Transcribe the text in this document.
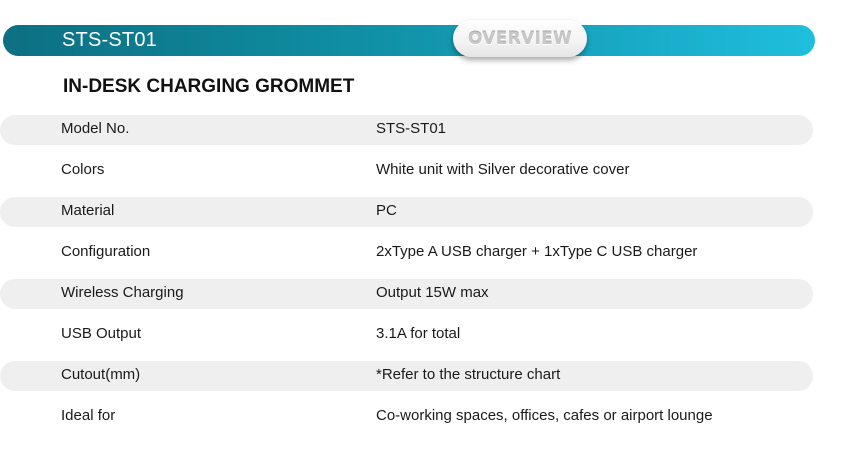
STS-ST01	OVERVIEW
IN-DESK CHARGING GROMMET
Model No.	STS-ST01
Colors	White unit with Silver decorative cover
Material	PC
Configuration	2xType A USB charger + 1xType C USB charger
Wireless Charging	Output 15W max
USB Output	3.1A for total
Cutout(mm)	*Refer to the structure chart
Ideal for	Co-working spaces, offices, cafes or airport lounge
